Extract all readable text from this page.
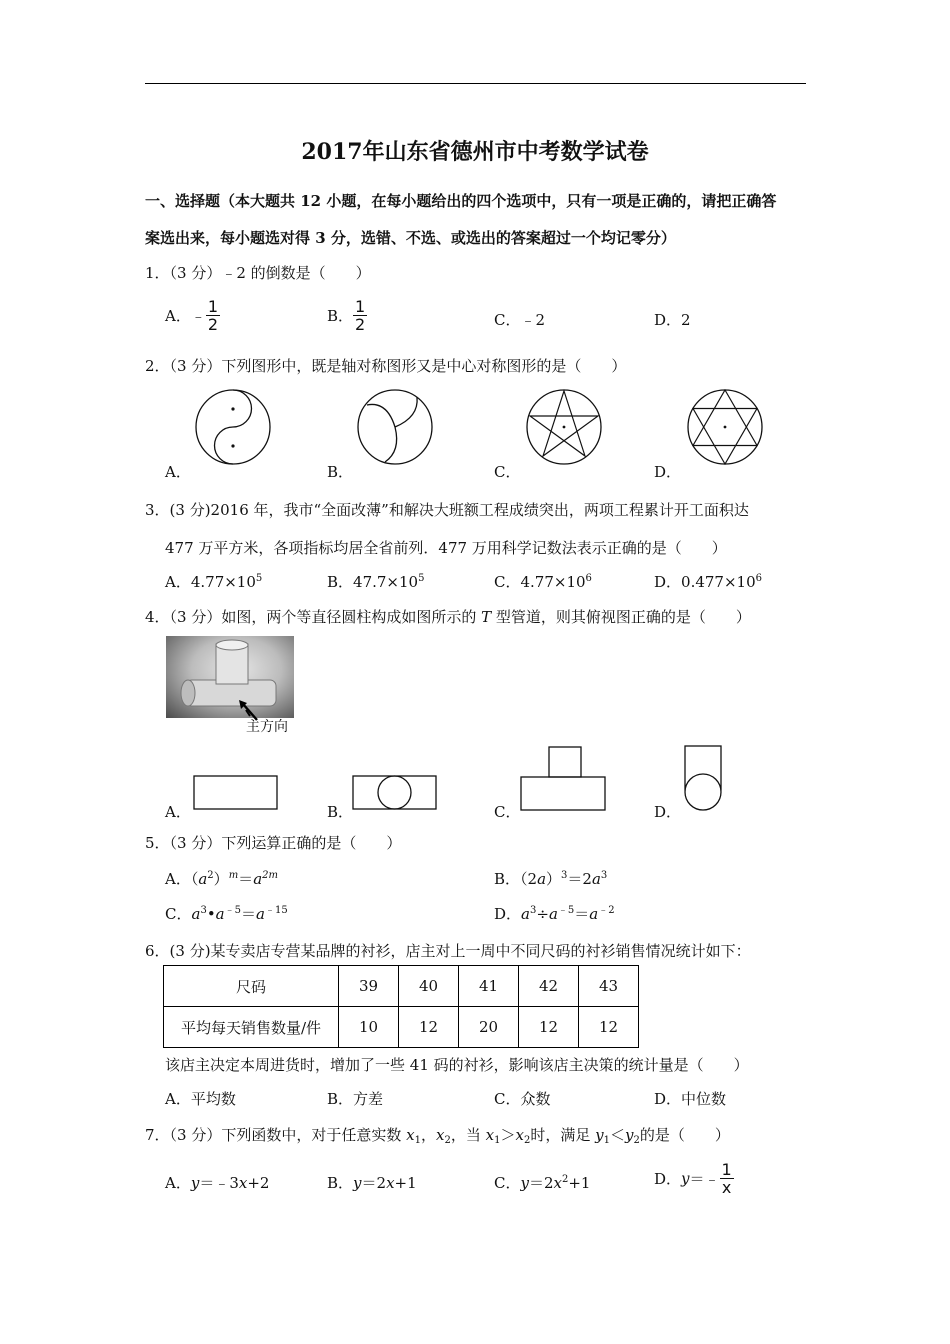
2017年山东省德州市中考数学试卷
一、选择题（本大题共 12 小题，在每小题给出的四个选项中，只有一项是正确的，请把正确答
案选出来，每小题选对得 3 分，选错、不选、或选出的答案超过一个均记零分）
1．（3 分）﹣2 的倒数是（　　）
A．﹣ $\frac{1}{2}$	B． $\frac{1}{2}$	C．﹣2	D．2
2．（3 分）下列图形中，既是轴对称图形又是中心对称图形的是（　　）
A．	B．	C．	D．
3．(3 分)2016 年，我市“全面改薄”和解决大班额工程成绩突出，两项工程累计开工面积达
477 万平方米，各项指标均居全省前列．477 万用科学记数法表示正确的是（　　）
A．$4.77\times 10^5$	B．$47.7\times 10^5$	C．$4.77\times 10^6$	D．$0.477\times 10^6$
4．（3 分）如图，两个等直径圆柱构成如图所示的 T 型管道，则其俯视图正确的是（　　）
主方向
A．	B．	C．	D．
5．（3 分）下列运算正确的是（　　）
A．$(a^2)^m=a^{2m}$	B．$(2a)^3=2a^3$
C．$a^3•a^{﹣5}=a^{﹣15}$	D．$a^3\div a^{﹣5}=a^{﹣2}$
6．(3 分)某专卖店专营某品牌的衬衫，店主对上一周中不同尺码的衬衫销售情况统计如下：
尺码	39	40	41	42	43
平均每天销售数量/件	10	12	20	12	12
该店主决定本周进货时，增加了一些 41 码的衬衫，影响该店主决策的统计量是（　　）
A．平均数	B．方差	C．众数	D．中位数
7．（3 分）下列函数中，对于任意实数 $x_1$，$x_2$，当 $x_1>x_2$时，满足 $y_1<y_2$的是（　　）
A．y＝﹣3x+2	B．y＝2x+1	C．$y=2x^2+1$	D．y＝﹣ $\frac{1}{x}$
